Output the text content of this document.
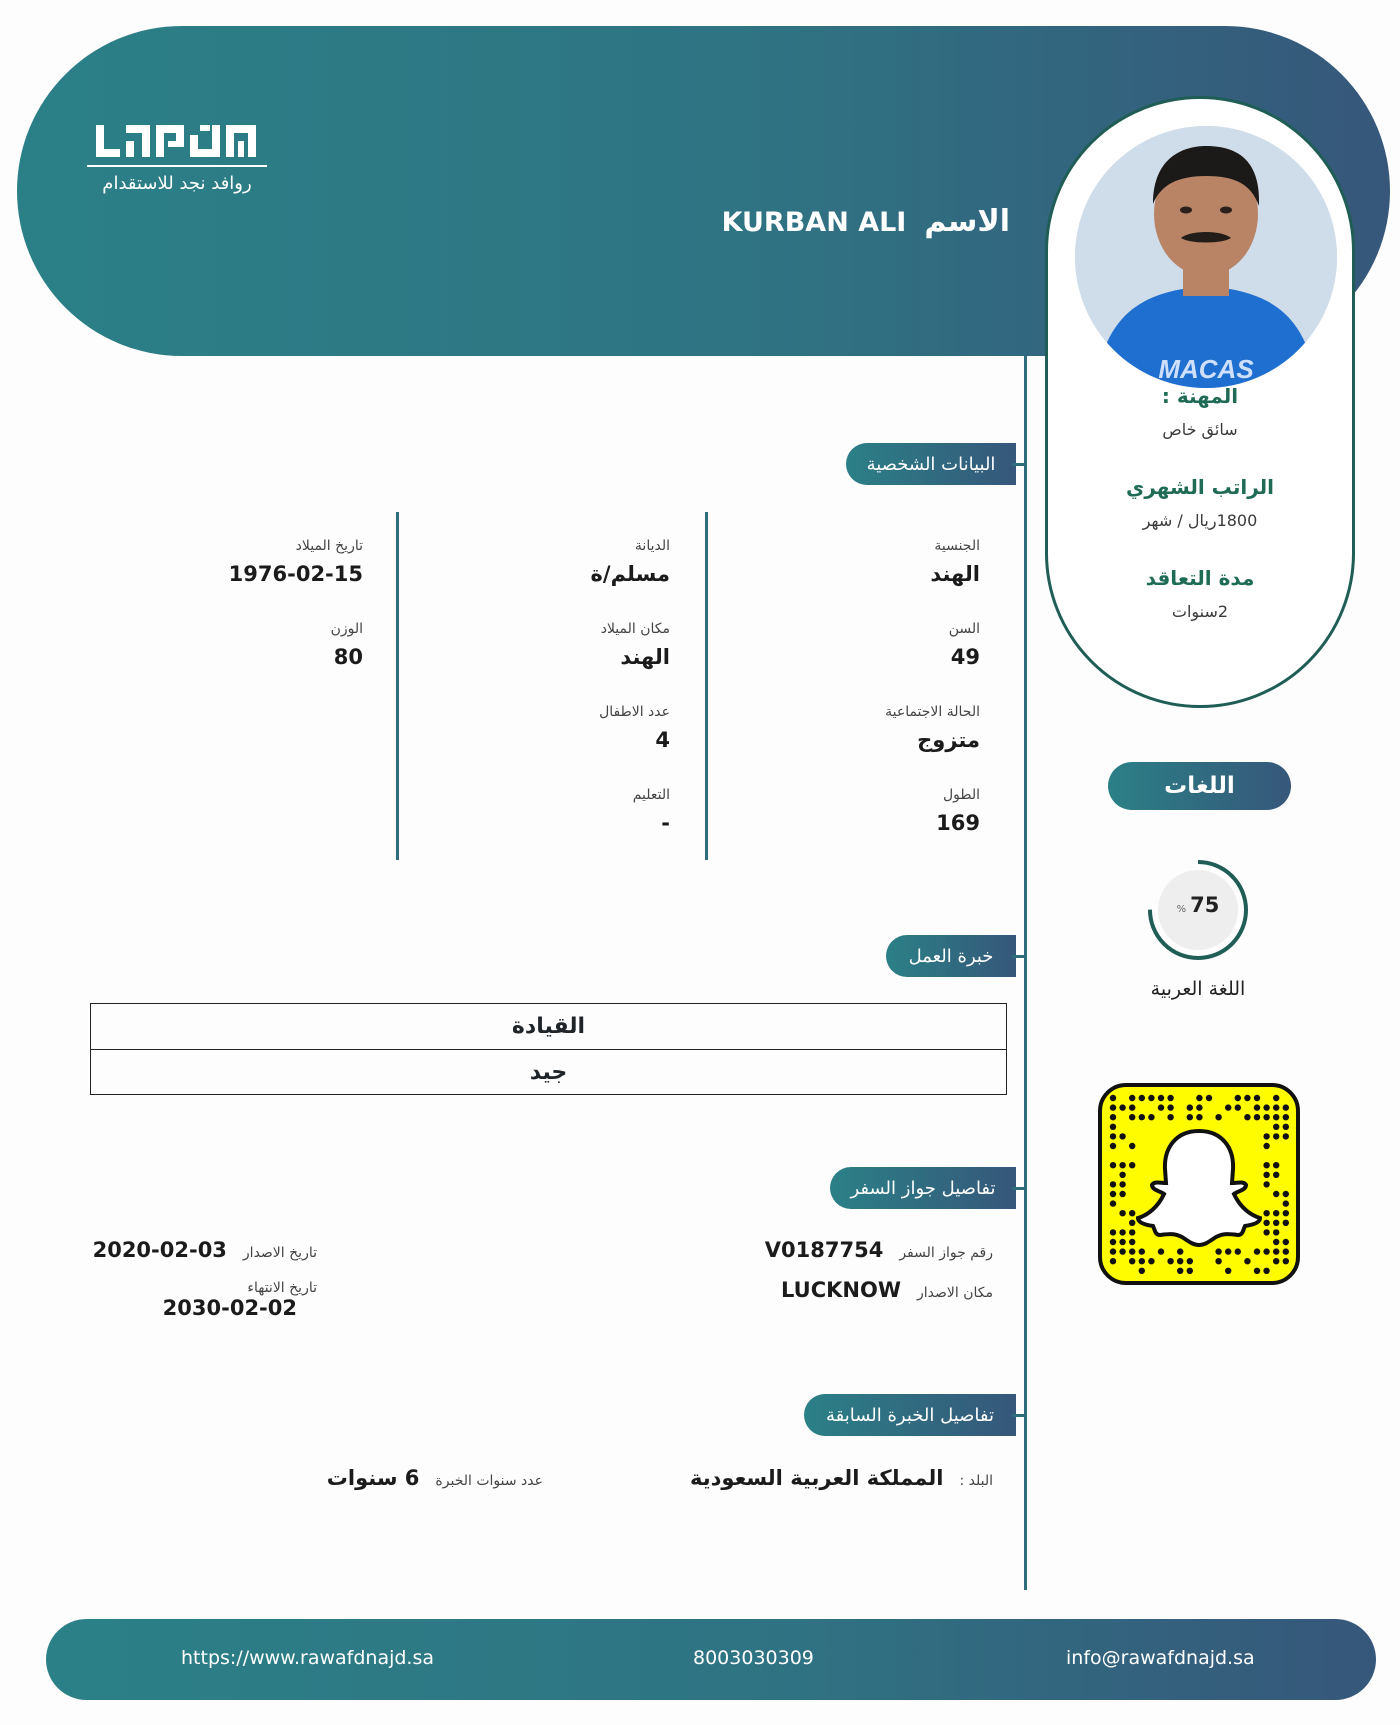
روافد نجد للاستقدام
الاسم
KURBAN ALI
MACAS
المهنة :
سائق خاص
الراتب الشهري
1800ريال / شهر
مدة التعاقد
2سنوات
اللغات
% 75
اللغة العربية
البيانات الشخصية
الجنسية
الهند
السن
49
الحالة الاجتماعية
متزوج
الطول
169
الديانة
مسلم/ة
مكان الميلاد
الهند
عدد الاطفال
4
التعليم
-
تاريخ الميلاد
1976-02-15
الوزن
80
خبرة العمل
القيادة
جيد
تفاصيل جواز السفر
رقم جواز السفر
V0187754
مكان الاصدار
LUCKNOW
تاريخ الاصدار
2020-02-03
تاريخ الانتهاء
2030-02-02
تفاصيل الخبرة السابقة
البلد :
المملكة العربية السعودية
عدد سنوات الخبرة
6 سنوات
https://www.rawafdnajd.sa	8003030309	info@rawafdnajd.sa
